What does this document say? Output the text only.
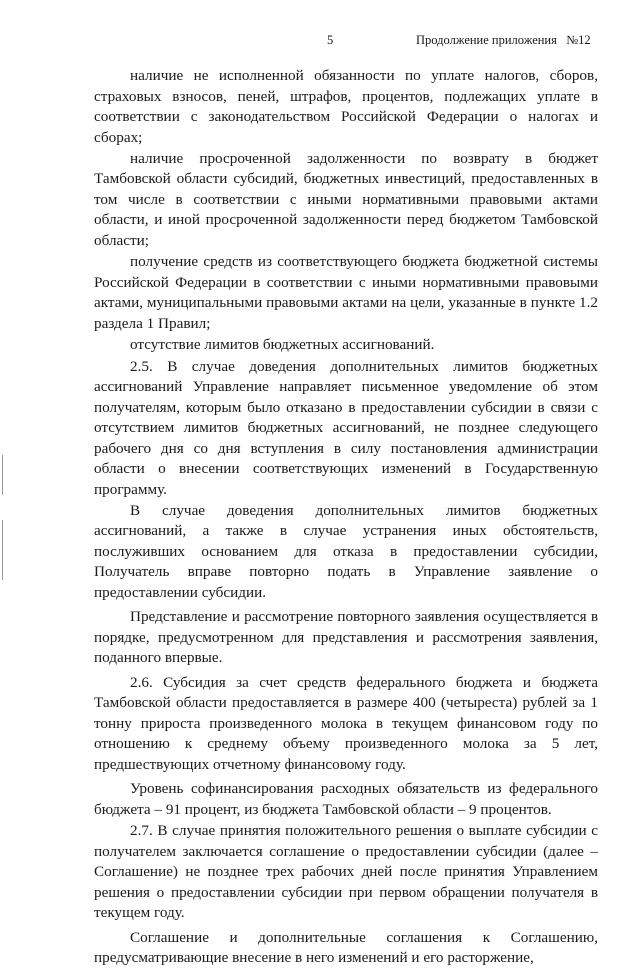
5	Продолжение приложения   №12

наличие не исполненной обязанности по уплате налогов, сборов, страховых взносов, пеней, штрафов, процентов, подлежащих уплате в соответствии с законодательством Российской Федерации о налогах и сборах;

наличие просроченной задолженности по возврату в бюджет Тамбовской области субсидий, бюджетных инвестиций, предоставленных в том числе в соответствии с иными нормативными правовыми актами области, и иной просроченной задолженности перед бюджетом Тамбовской области;

получение средств из соответствующего бюджета бюджетной системы Российской Федерации в соответствии с иными нормативными правовыми актами, муниципальными правовыми актами на цели, указанные в пункте 1.2 раздела 1 Правил;

отсутствие лимитов бюджетных ассигнований.

2.5. В случае доведения дополнительных лимитов бюджетных ассигнований Управление направляет письменное уведомление об этом получателям, которым было отказано в предоставлении субсидии в связи с отсутствием лимитов бюджетных ассигнований, не позднее следующего рабочего дня со дня вступления в силу постановления администрации области о внесении соответствующих изменений в Государственную программу.

В случае доведения дополнительных лимитов бюджетных ассигнований, а также в случае устранения иных обстоятельств, послуживших основанием для отказа в предоставлении субсидии, Получатель вправе повторно подать в Управление заявление о предоставлении субсидии.

Представление и рассмотрение повторного заявления осуществляется в порядке, предусмотренном для представления и рассмотрения заявления, поданного впервые.

2.6. Субсидия за счет средств федерального бюджета и бюджета Тамбовской области предоставляется в размере 400 (четыреста) рублей за 1 тонну прироста произведенного молока в текущем финансовом году по отношению к среднему объему произведенного молока за 5 лет, предшествующих отчетному финансовому году.

Уровень софинансирования расходных обязательств из федерального бюджета – 91 процент, из бюджета Тамбовской области – 9 процентов.

2.7. В случае принятия положительного решения о выплате субсидии с получателем заключается соглашение о предоставлении субсидии (далее – Соглашение) не позднее трех рабочих дней после принятия Управлением решения о предоставлении субсидии при первом обращении получателя в текущем году.

Соглашение и дополнительные соглашения к Соглашению, предусматривающие внесение в него изменений и его расторжение,
